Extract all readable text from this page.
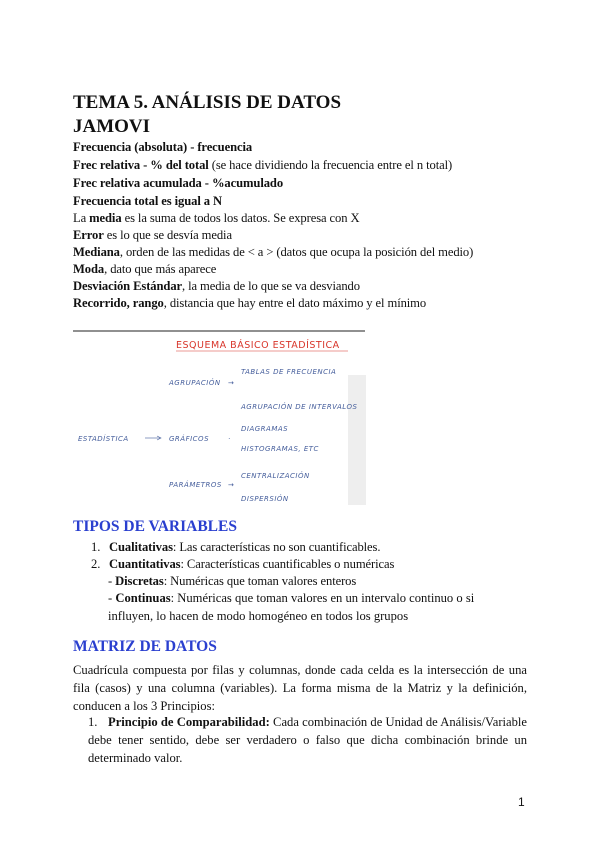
TEMA 5. ANÁLISIS DE DATOS
JAMOVI
Frecuencia (absoluta) - frecuencia
Frec relativa - % del total (se hace dividiendo la frecuencia entre el n total)
Frec relativa acumulada - %acumulado
Frecuencia total es igual a N
La media es la suma de todos los datos. Se expresa con X
Error es lo que se desvía media
Mediana, orden de las medidas de < a > (datos que ocupa la posición del medio)
Moda, dato que más aparece
Desviación Estándar, la media de lo que se va desviando
Recorrido, rango, distancia que hay entre el dato máximo y el mínimo
ESQUEMA BÁSICO ESTADÍSTICA
ESTADÍSTICA
AGRUPACIÓN →
GRÁFICOS	·
PARÁMETROS →
TABLAS DE FRECUENCIA
AGRUPACIÓN DE INTERVALOS
DIAGRAMAS
HISTOGRAMAS, ETC
CENTRALIZACIÓN
DISPERSIÓN
TIPOS DE VARIABLES
1. Cualitativas: Las características no son cuantificables.
2. Cuantitativas: Características cuantificables o numéricas
- Discretas: Numéricas que toman valores enteros
- Continuas: Numéricas que toman valores en un intervalo continuo o si influyen, lo hacen de modo homogéneo en todos los grupos
MATRIZ DE DATOS
Cuadrícula compuesta por filas y columnas, donde cada celda es la intersección de una fila (casos) y una columna (variables). La forma misma de la Matriz y la definición, conducen a los 3 Principios:
1. Principio de Comparabilidad: Cada combinación de Unidad de Análisis/Variable debe tener sentido, debe ser verdadero o falso que dicha combinación brinde un determinado valor.
1
